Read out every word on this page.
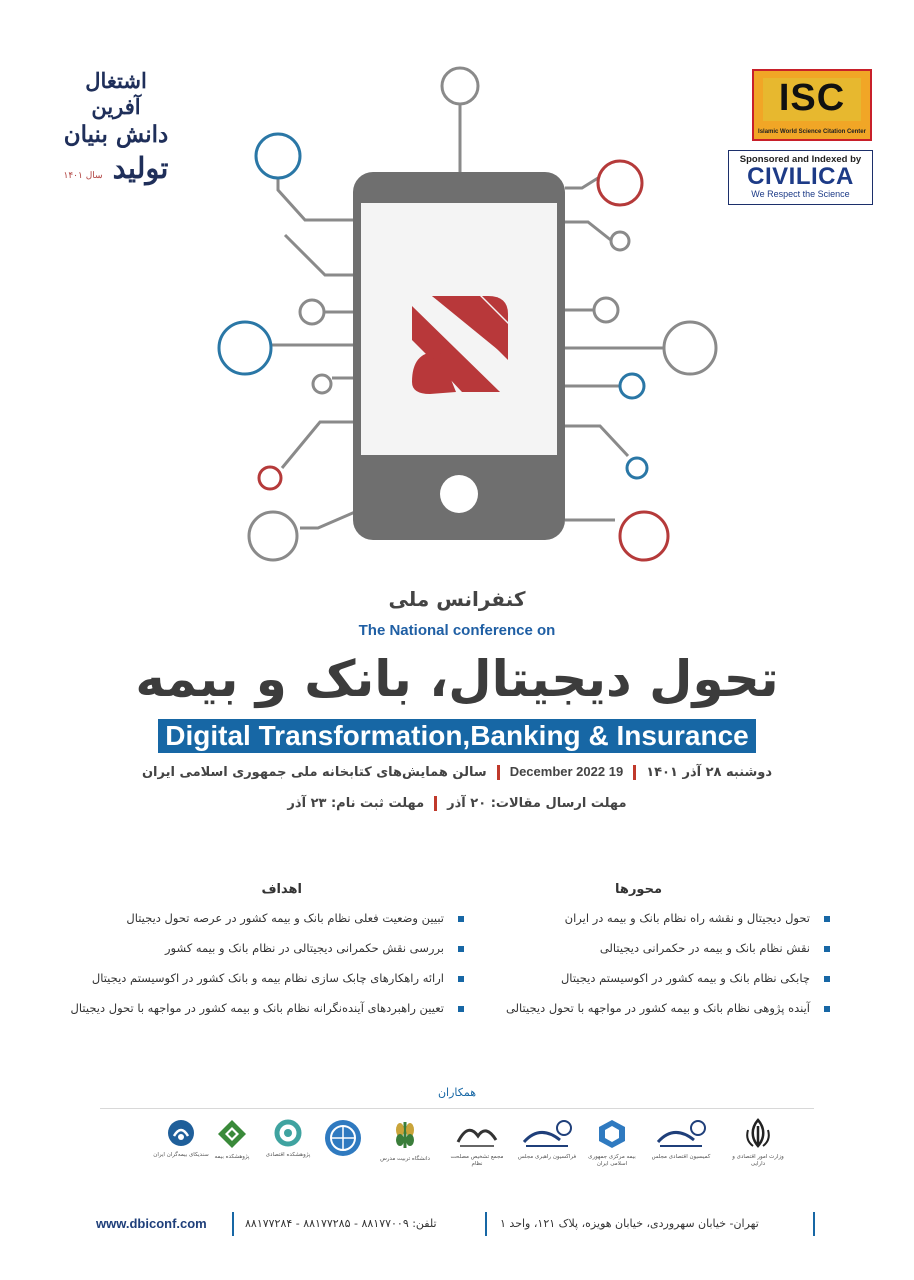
اشتغال آفرین
دانش بنیان
تولید سال ۱۴۰۱
ISC
Islamic World Science Citation Center
Sponsored and Indexed by
CIVILICA
We Respect the Science
کنفرانس ملی
The National conference on
تحول دیجیتال، بانک و بیمه
Digital Transformation,Banking & Insurance
دوشنبه ۲۸ آذر ۱۴۰۱19 December 2022سالن همایش‌های کتابخانه ملی جمهوری اسلامی ایران
مهلت ارسال مقالات: ۲۰ آذرمهلت ثبت نام: ۲۳ آذر
محورها
تحول دیجیتال و نقشه راه نظام بانک و بیمه در ایران
نقش نظام بانک و بیمه در حکمرانی دیجیتالی
چابکی نظام بانک و بیمه کشور در اکوسیستم دیجیتال
آینده پژوهی نظام بانک و بیمه کشور در مواجهه با تحول دیجیتالی
اهداف
تبیین وضعیت فعلی نظام بانک و بیمه کشور در عرصه تحول دیجیتال
بررسی نقش حکمرانی دیجیتالی در نظام بانک و بیمه کشور
ارائه راهکارهای چابک سازی نظام بیمه و بانک کشور در اکوسیستم دیجیتال
تعیین راهبردهای آینده‌نگرانه نظام بانک و بیمه کشور در مواجهه با تحول دیجیتال
همکاران
وزارت امور اقتصادی و دارایی
کمیسیون اقتصادی مجلس
بیمه مرکزی جمهوری اسلامی ایران
فراکسیون راهبری مجلس
مجمع تشخیص مصلحت نظام
دانشگاه تربیت مدرس
پژوهشکده اقتصادی
پژوهشکده بیمه
سندیکای بیمه‌گران ایران
www.dbiconf.com	تلفن: ۸۸۱۷۷۰۰۹ - ۸۸۱۷۷۲۸۵ - ۸۸۱۷۷۲۸۴	تهران- خیابان سهروردی، خیابان هویزه، پلاک ۱۲۱، واحد ۱
